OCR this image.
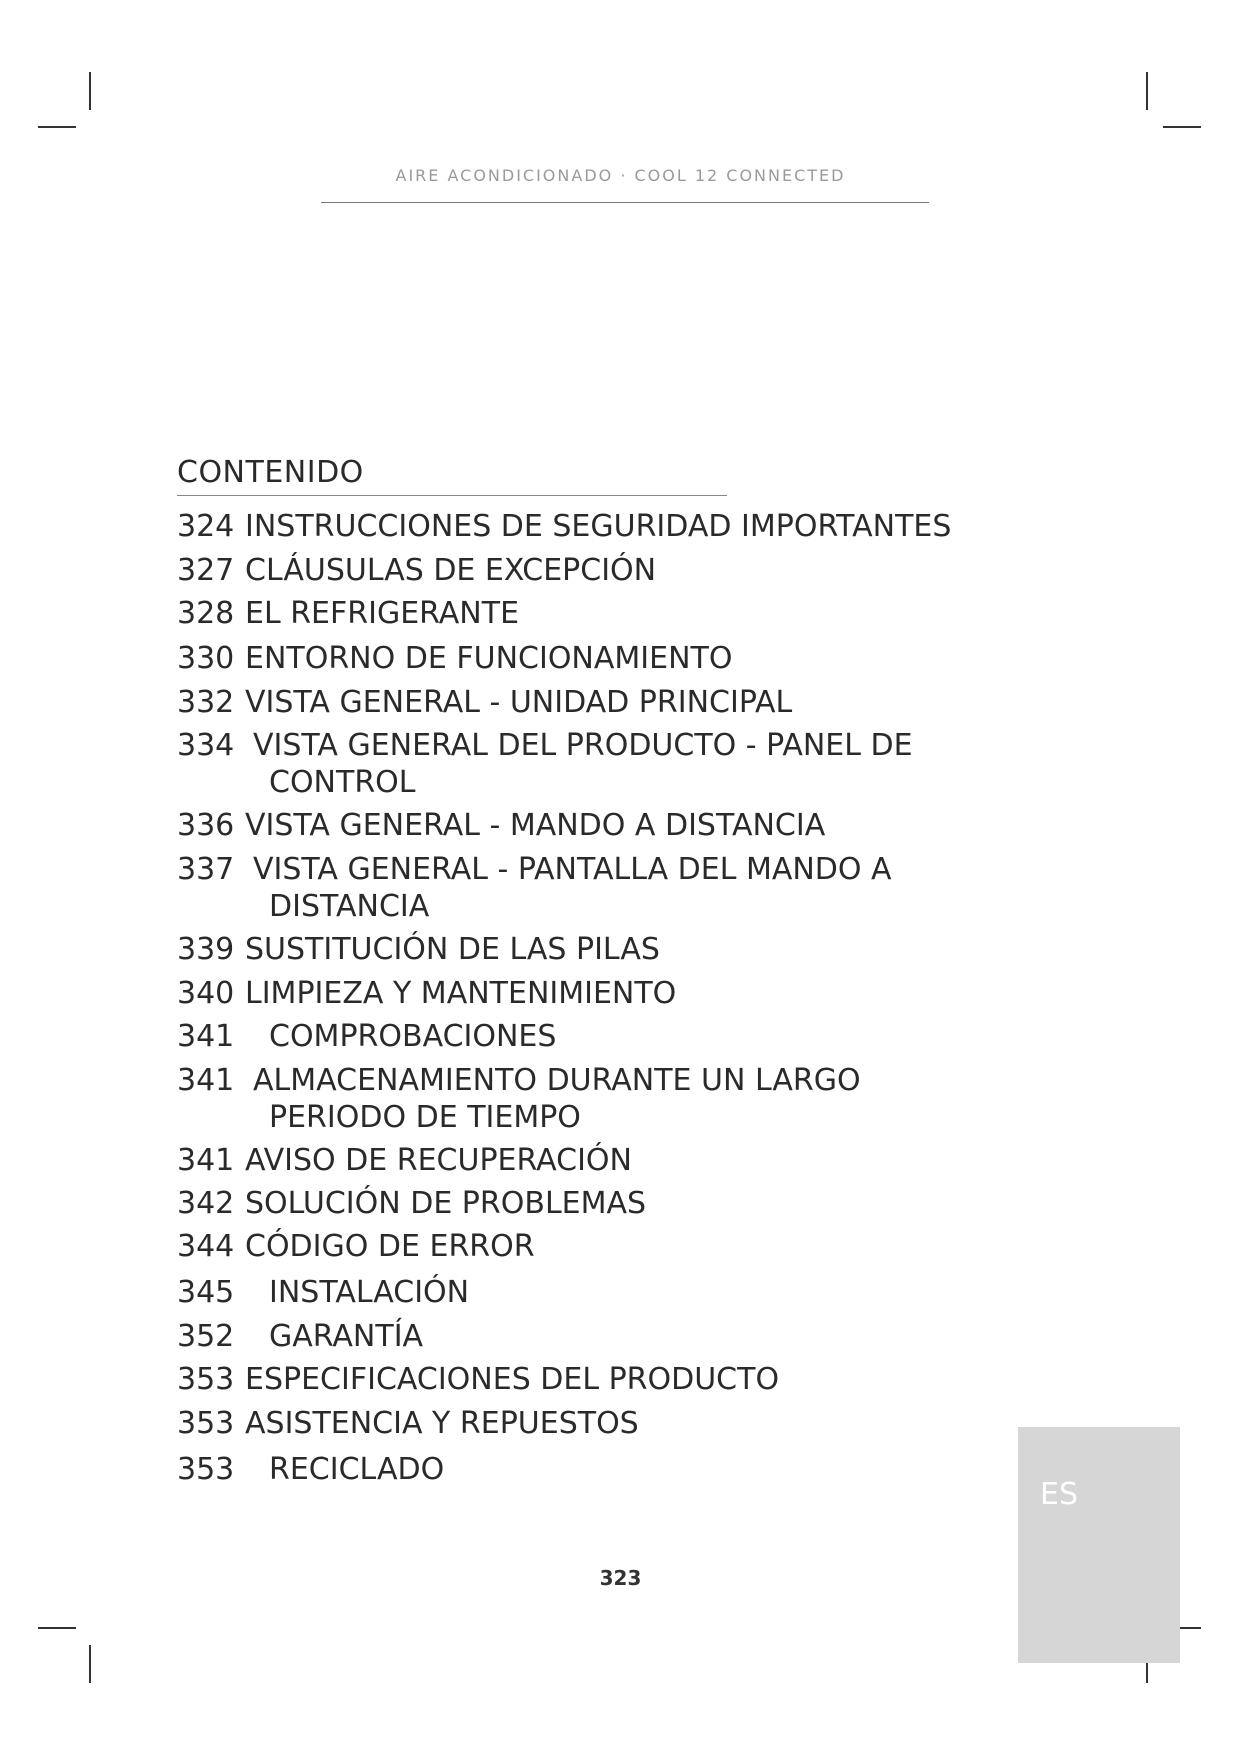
AIRE ACONDICIONADO · COOL 12 CONNECTED
CONTENIDO
324 INSTRUCCIONES DE SEGURIDAD IMPORTANTES
327 CLÁUSULAS DE EXCEPCIÓN
328 EL REFRIGERANTE
330 ENTORNO DE FUNCIONAMIENTO
332 VISTA GENERAL - UNIDAD PRINCIPAL
334 VISTA GENERAL DEL PRODUCTO - PANEL DE
CONTROL
336 VISTA GENERAL - MANDO A DISTANCIA
337 VISTA GENERAL - PANTALLA DEL MANDO A
DISTANCIA
339 SUSTITUCIÓN DE LAS PILAS
340 LIMPIEZA Y MANTENIMIENTO
341 COMPROBACIONES
341 ALMACENAMIENTO DURANTE UN LARGO
PERIODO DE TIEMPO
341 AVISO DE RECUPERACIÓN
342 SOLUCIÓN DE PROBLEMAS
344 CÓDIGO DE ERROR
345 INSTALACIÓN
352 GARANTÍA
353 ESPECIFICACIONES DEL PRODUCTO
353 ASISTENCIA Y REPUESTOS
353 RECICLADO
ES
323
